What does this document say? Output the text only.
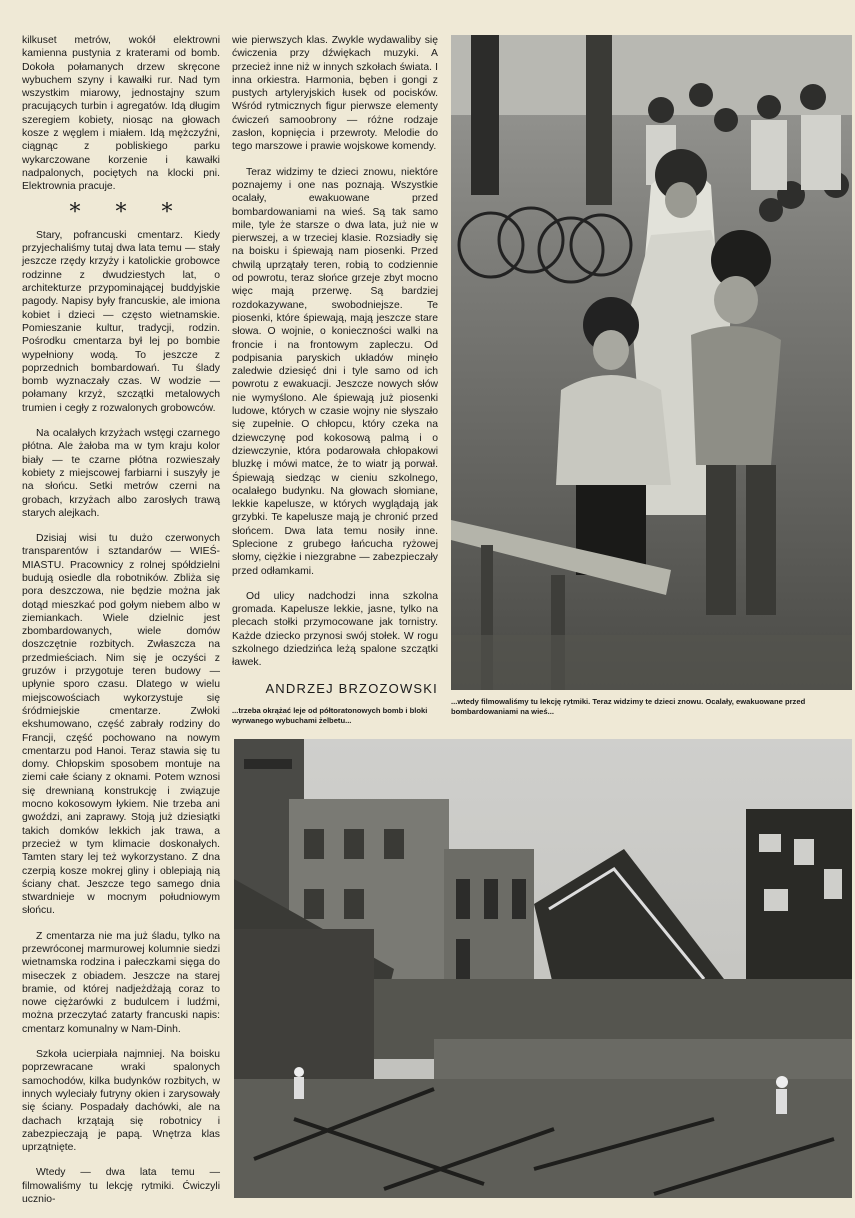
kilkuset metrów, wokół elektrowni kamienna pustynia z kraterami od bomb. Dokoła połamanych drzew skręcone wybuchem szyny i kawałki rur. Nad tym wszystkim miarowy, jednostajny szum pracujących turbin i agregatów. Idą długim szeregiem kobiety, niosąc na głowach kosze z węglem i miałem. Idą mężczyźni, ciągnąc z pobliskiego parku wykarczowane korzenie i kawałki nadpalonych, pociętych na klocki pni. Elektrownia pracuje.

* * *

Stary, pofrancuski cmentarz. Kiedy przyjechaliśmy tutaj dwa lata temu — stały jeszcze rzędy krzyży i katolickie grobowce rodzinne z dwudziestych lat, o architekturze przypominającej buddyjskie pagody. Napisy były francuskie, ale imiona kobiet i dzieci — często wietnamskie. Pomieszanie kultur, tradycji, rodzin. Pośrodku cmentarza był lej po bombie wypełniony wodą. To jeszcze z poprzednich bombardowań. Tu ślady bomb wyznaczały czas. W wodzie — połamany krzyż, szczątki metalowych trumien i cegły z rozwalonych grobowców.

Na ocalałych krzyżach wstęgi czarnego płótna. Ale żałoba ma w tym kraju kolor biały — te czarne płótna rozwieszały kobiety z miejscowej farbiarni i suszyły je na słońcu. Setki metrów czerni na grobach, krzyżach albo zarosłych trawą starych alejkach.

Dzisiaj wisi tu dużo czerwonych transparentów i sztandarów — WIEŚ-MIASTU. Pracownicy z rolnej spółdzielni budują osiedle dla robotników. Zbliża się pora deszczowa, nie będzie można jak dotąd mieszkać pod gołym niebem albo w ziemiankach. Wiele dzielnic jest zbombardowanych, wiele domów doszczętnie rozbitych. Zwłaszcza na przedmieściach. Nim się je oczyści z gruzów i przygotuje teren budowy — upłynie sporo czasu. Dlatego w wielu miejscowościach wykorzystuje się śródmiejskie cmentarze. Zwłoki ekshumowano, część zabrały rodziny do Francji, część pochowano na nowym cmentarzu pod Hanoi. Teraz stawia się tu domy. Chłopskim sposobem montuje na ziemi całe ściany z oknami. Potem wznosi się drewnianą konstrukcję i związuje mocno kokosowym łykiem. Nie trzeba ani gwoździ, ani zaprawy. Stoją już dziesiątki takich domków lekkich jak trawa, a przecież w tym klimacie doskonałych. Tamten stary lej też wykorzystano. Z dna czerpią kosze mokrej gliny i oblepiają nią ściany chat. Jeszcze tego samego dnia stwardnieje w mocnym południowym słońcu.

Z cmentarza nie ma już śladu, tylko na przewróconej marmurowej kolumnie siedzi wietnamska rodzina i pałeczkami sięga do miseczek z obiadem. Jeszcze na starej bramie, od której nadjeżdżają coraz to nowe ciężarówki z budulcem i ludźmi, można przeczytać zatarty francuski napis: cmentarz komunalny w Nam-Dinh.

Szkoła ucierpiała najmniej. Na boisku poprzewracane wraki spalonych samochodów, kilka budynków rozbitych, w innych wyleciały futryny okien i zarysowały się ściany. Pospadały dachówki, ale na dachach krzątają się robotnicy i zabezpieczają je papą. Wnętrza klas uprzątnięte.

Wtedy — dwa lata temu — filmowaliśmy tu lekcję rytmiki. Ćwiczyli ucznio-

wie pierwszych klas. Zwykle wydawaliby się ćwiczenia przy dźwiękach muzyki. A przecież inne niż w innych szkołach świata. I inna orkiestra. Harmonia, bęben i gongi z pustych artyleryjskich łusek od pocisków. Wśród rytmicznych figur pierwsze elementy ćwiczeń samoobrony — różne rodzaje zasłon, kopnięcia i przewroty. Melodie do tego marszowe i prawie wojskowe komendy.

Teraz widzimy te dzieci znowu, niektóre poznajemy i one nas poznają. Wszystkie ocalały, ewakuowane przed bombardowaniami na wieś. Są tak samo mile, tyle że starsze o dwa lata, już nie w pierwszej, a w trzeciej klasie. Rozsiadły się na boisku i śpiewają nam piosenki. Przed chwilą uprzątały teren, robią to codziennie od powrotu, teraz słońce grzeje zbyt mocno więc mają przerwę. Są bardziej rozdokazywane, swobodniejsze. Te piosenki, które śpiewają, mają jeszcze stare słowa. O wojnie, o konieczności walki na froncie i na frontowym zapleczu. Od podpisania paryskich układów minęło zaledwie dziesięć dni i tyle samo od ich powrotu z ewakuacji. Jeszcze nowych słów nie wymyślono. Ale śpiewają już piosenki ludowe, których w czasie wojny nie słyszało się zupełnie. O chłopcu, który czeka na dziewczynę pod kokosową palmą i o dziewczynie, która podarowała chłopakowi bluzkę i mówi matce, że to wiatr ją porwał. Śpiewają siedząc w cieniu szkolnego, ocalałego budynku. Na głowach słomiane, lekkie kapelusze, w których wyglądają jak grzybki. Te kapelusze mają je chronić przed słońcem. Dwa lata temu nosiły inne. Splecione z grubego łańcucha ryżowej słomy, ciężkie i niezgrabne — zabezpieczały przed odłamkami.

Od ulicy nadchodzi inna szkolna gromada. Kapelusze lekkie, jasne, tylko na plecach stołki przymocowane jak tornistry. Każde dziecko przynosi swój stołek. W rogu szkolnego dziedzińca leżą spalone szczątki ławek.

ANDRZEJ BRZOZOWSKI
...trzeba okrążać leje od półtoratonowych bomb i bloki wyrwanego wybuchami żelbetu...
...wtedy filmowaliśmy tu lekcję rytmiki. Teraz widzimy te dzieci znowu. Ocalały, ewakuowane przed bombardowaniami na wieś...
